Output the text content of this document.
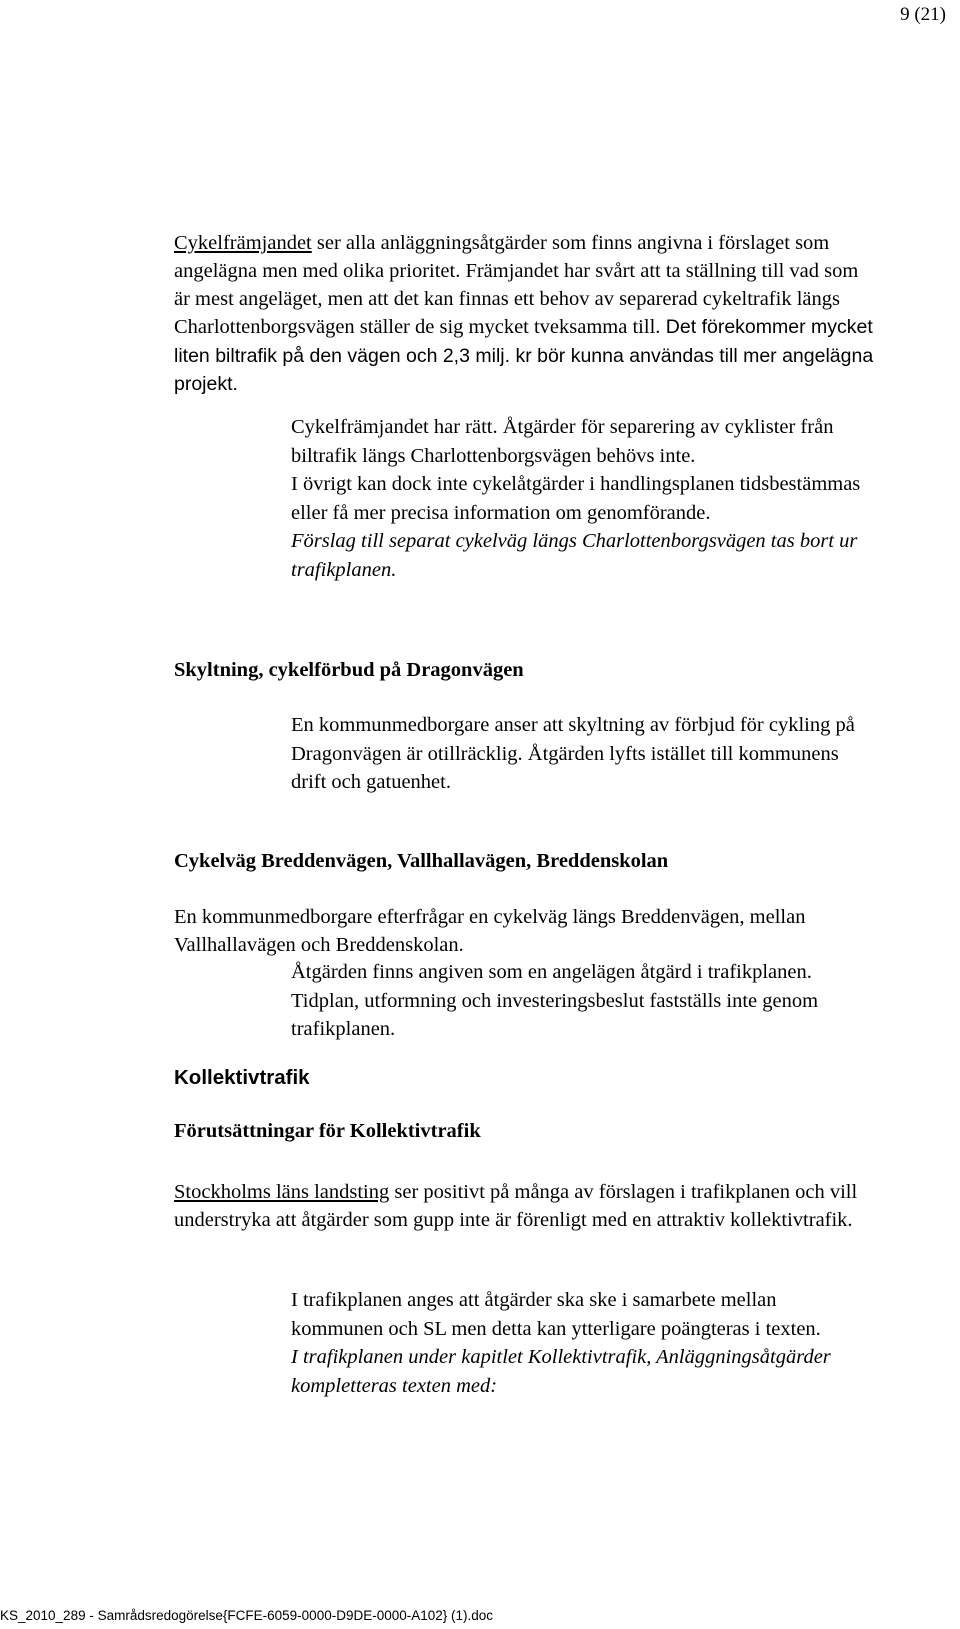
9 (21)
Cykelfrämjandet ser alla anläggningsåtgärder som finns angivna i förslaget som angelägna men med olika prioritet. Främjandet har svårt att ta ställning till vad som är mest angeläget, men att det kan finnas ett behov av separerad cykeltrafik längs Charlottenborgsvägen ställer de sig mycket tveksamma till. Det förekommer mycket liten biltrafik på den vägen och 2,3 milj. kr bör kunna användas till mer angelägna projekt.

Cykelfrämjandet har rätt. Åtgärder för separering av cyklister från biltrafik längs Charlottenborgsvägen behövs inte.

I övrigt kan dock inte cykelåtgärder i handlingsplanen tidsbestämmas eller få mer precisa information om genomförande.

Förslag till separat cykelväg längs Charlottenborgsvägen tas bort ur trafikplanen.

Skyltning, cykelförbud på Dragonvägen
En kommunmedborgare anser att skyltning av förbjud för cykling på Dragonvägen är otillräcklig. Åtgärden lyfts istället till kommunens drift och gatuenhet.
Cykelväg Breddenvägen, Vallhallavägen, Breddenskolan
En kommunmedborgare efterfrågar en cykelväg längs Breddenvägen, mellan Vallhallavägen och Breddenskolan.
Åtgärden finns angiven som en angelägen åtgärd i trafikplanen. Tidplan, utformning och investeringsbeslut fastställs inte genom trafikplanen.
Kollektivtrafik
Förutsättningar för Kollektivtrafik
Stockholms läns landsting ser positivt på många av förslagen i trafikplanen och vill understryka att åtgärder som gupp inte är förenligt med en attraktiv kollektivtrafik.

I trafikplanen anges att åtgärder ska ske i samarbete mellan kommunen och SL men detta kan ytterligare poängteras i texten.

I trafikplanen under kapitlet Kollektivtrafik, Anläggningsåtgärder kompletteras texten med:

KS_2010_289 - Samrådsredogörelse{FCFE-6059-0000-D9DE-0000-A102} (1).doc
